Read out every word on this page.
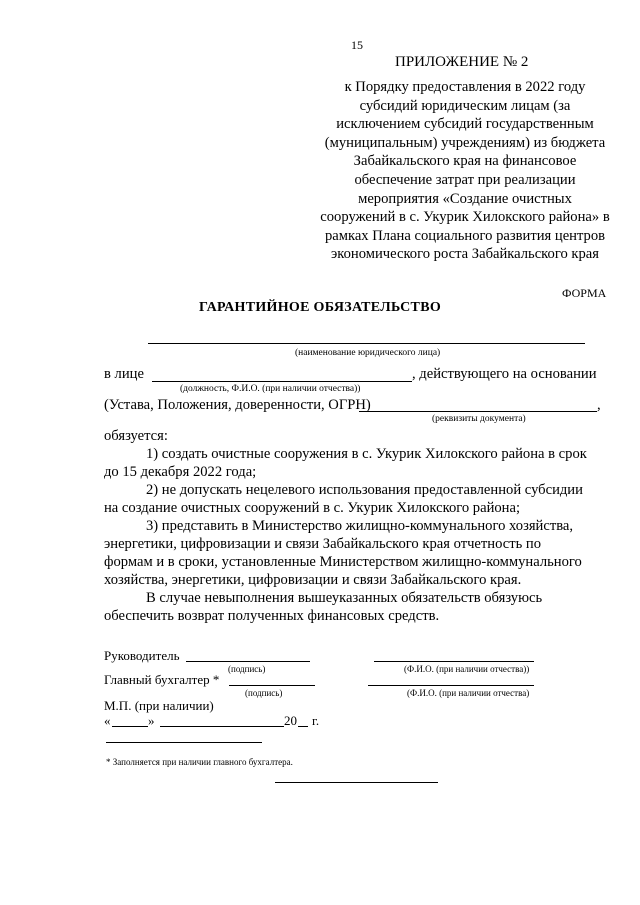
15
ПРИЛОЖЕНИЕ № 2
к Порядку предоставления в 2022 году субсидий юридическим лицам (за исключением субсидий государственным (муниципальным) учреждениям) из бюджета Забайкальского края на финансовое обеспечение затрат при реализации мероприятия «Создание очистных сооружений в с. Укурик Хилокского района» в рамках Плана социального развития центров экономического роста Забайкальского края
ФОРМА
ГАРАНТИЙНОЕ ОБЯЗАТЕЛЬСТВО
(наименование юридического лица)
в лице	, действующего на основании
(должность, Ф.И.О. (при наличии отчества))
(Устава, Положения, доверенности, ОГРН)	,
(реквизиты документа)
обязуется:
1) создать очистные сооружения в с. Укурик Хилокского района в срок
до 15 декабря 2022 года;
2) не допускать нецелевого использования предоставленной субсидии
на создание очистных сооружений в с. Укурик Хилокского района;
3) представить в Министерство жилищно-коммунального хозяйства,
энергетики, цифровизации и связи Забайкальского края отчетность по
формам и в сроки, установленные Министерством жилищно-коммунального
хозяйства, энергетики, цифровизации и связи Забайкальского края.
В случае невыполнения вышеуказанных обязательств обязуюсь
обеспечить возврат полученных финансовых средств.
Руководитель
(подпись)	(Ф.И.О. (при наличии отчества))
Главный бухгалтер *
(подпись)	(Ф.И.О. (при наличии отчества)
М.П. (при наличии)
«	»	20 г.
* Заполняется при наличии главного бухгалтера.
